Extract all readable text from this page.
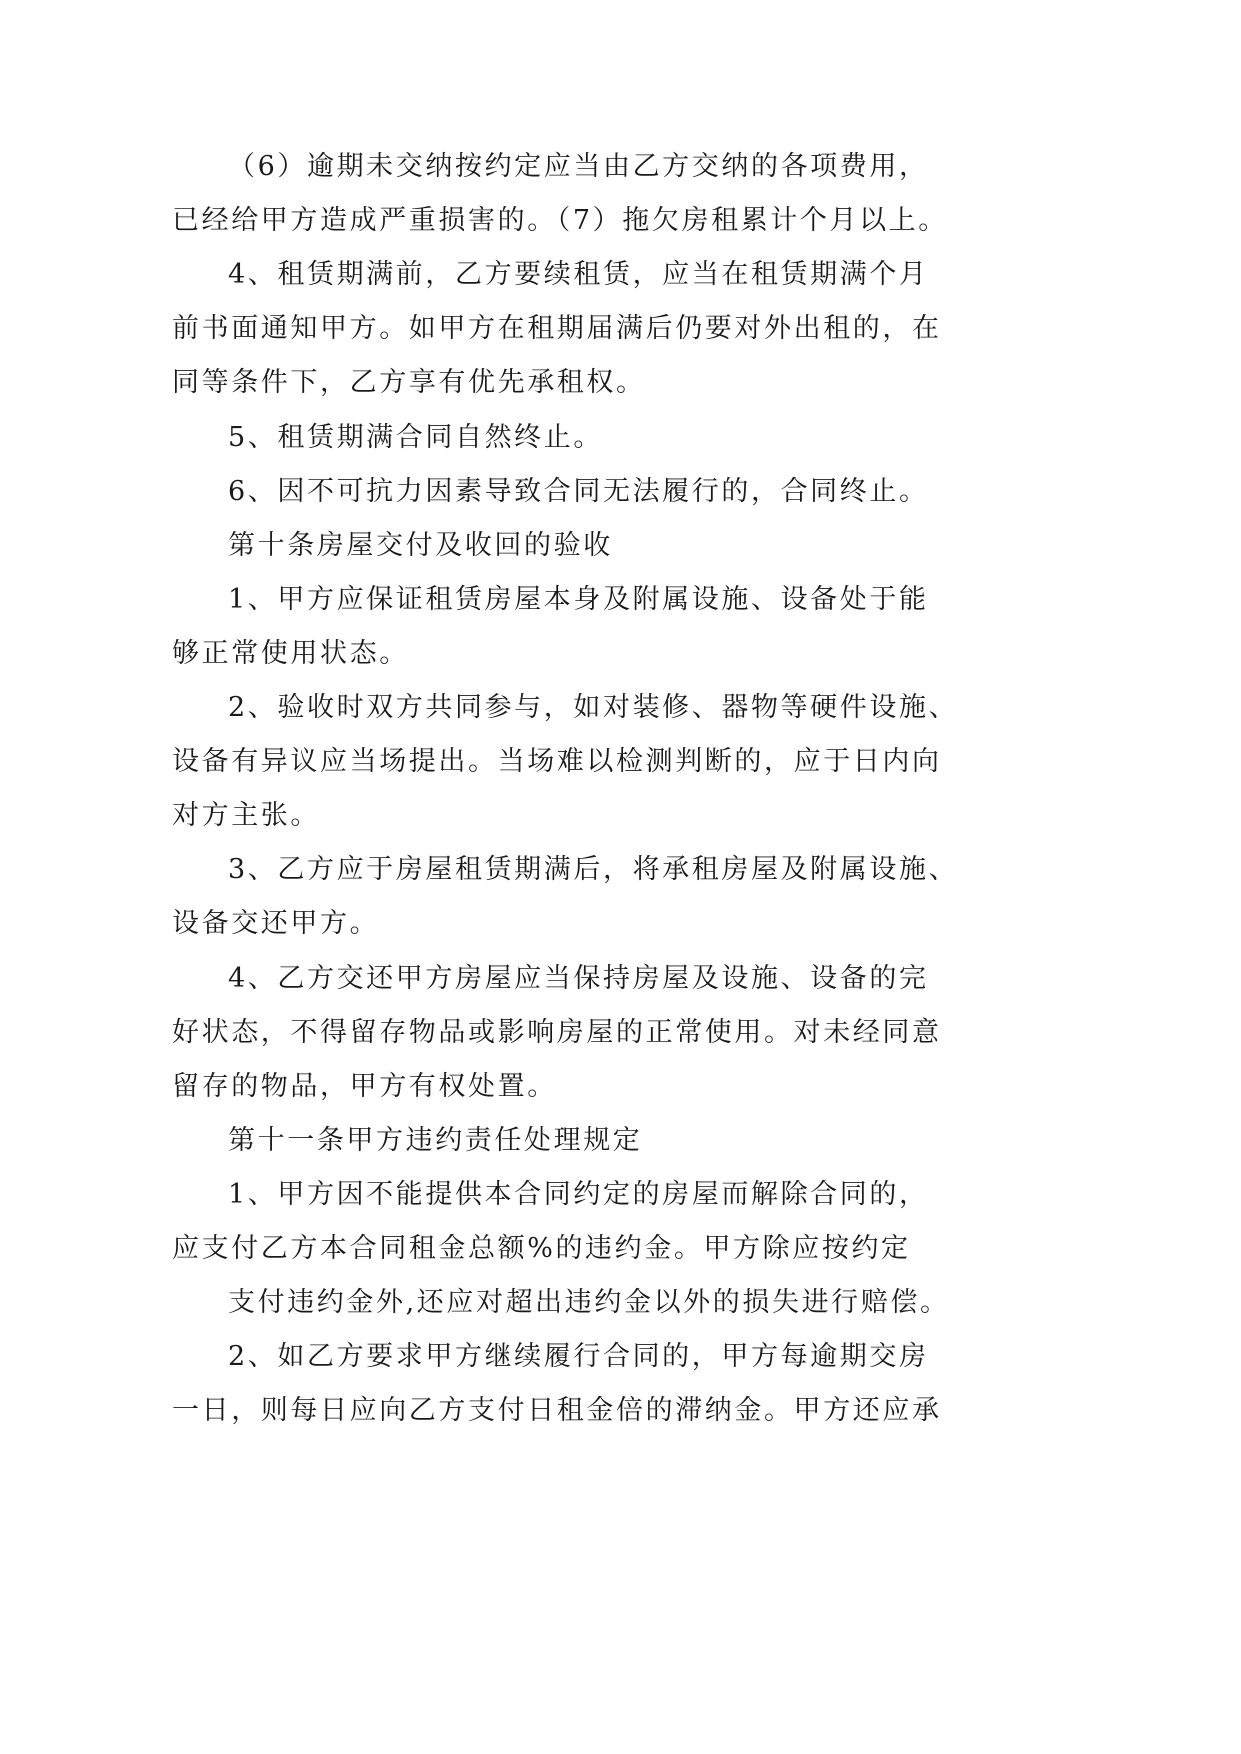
（6）逾期未交纳按约定应当由乙方交纳的各项费用，
已经给甲方造成严重损害的。（7）拖欠房租累计个月以上。
4、租赁期满前，乙方要续租赁，应当在租赁期满个月
前书面通知甲方。如甲方在租期届满后仍要对外出租的，在
同等条件下，乙方享有优先承租权。
5、租赁期满合同自然终止。
6、因不可抗力因素导致合同无法履行的，合同终止。
第十条房屋交付及收回的验收
1、甲方应保证租赁房屋本身及附属设施、设备处于能
够正常使用状态。
2、验收时双方共同参与，如对装修、器物等硬件设施、
设备有异议应当场提出。当场难以检测判断的，应于日内向
对方主张。
3、乙方应于房屋租赁期满后，将承租房屋及附属设施、
设备交还甲方。
4、乙方交还甲方房屋应当保持房屋及设施、设备的完
好状态，不得留存物品或影响房屋的正常使用。对未经同意
留存的物品，甲方有权处置。
第十一条甲方违约责任处理规定
1、甲方因不能提供本合同约定的房屋而解除合同的，
应支付乙方本合同租金总额%的违约金。甲方除应按约定
支付违约金外,还应对超出违约金以外的损失进行赔偿。
2、如乙方要求甲方继续履行合同的，甲方每逾期交房
一日，则每日应向乙方支付日租金倍的滞纳金。甲方还应承
